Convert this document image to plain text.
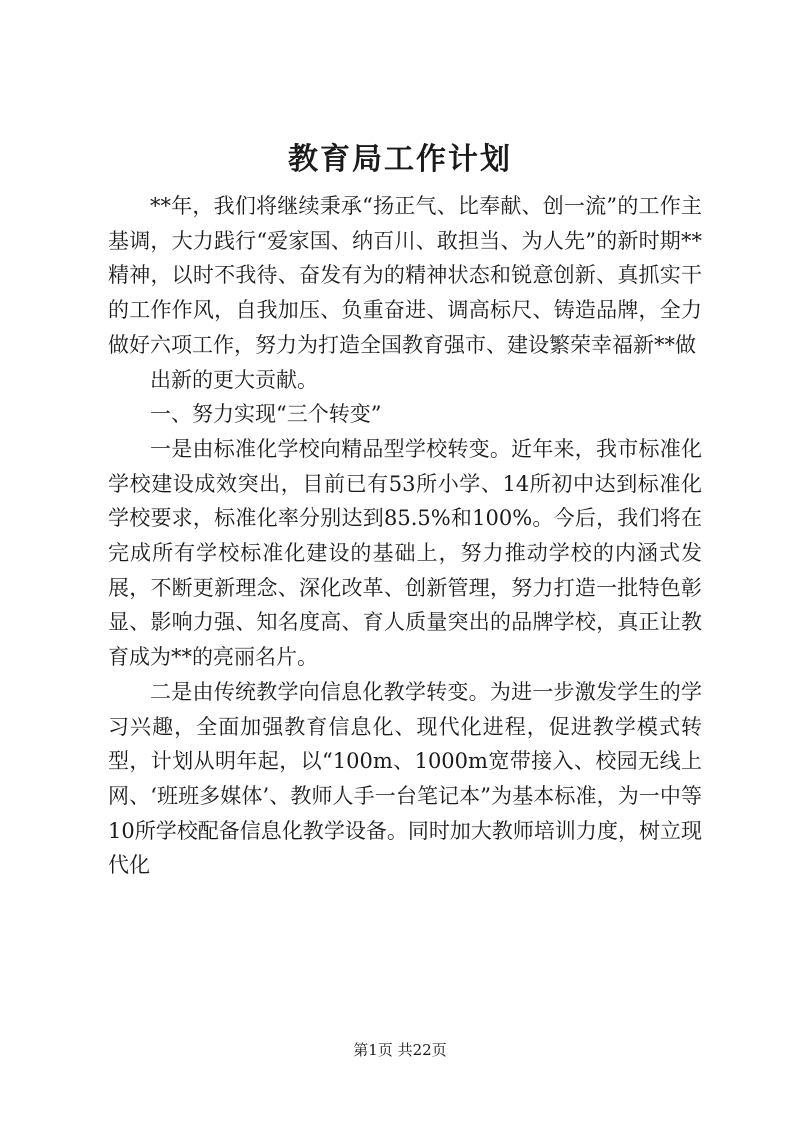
教育局工作计划

**年，我们将继续秉承“扬正气、比奉献、创一流”的工作主基调，大力践行“爱家国、纳百川、敢担当、为人先”的新时期**精神，以时不我待、奋发有为的精神状态和锐意创新、真抓实干的工作作风，自我加压、负重奋进、调高标尺、铸造品牌，全力做好六项工作，努力为打造全国教育强市、建设繁荣幸福新**做

出新的更大贡献。

一、努力实现“三个转变”

一是由标准化学校向精品型学校转变。近年来，我市标准化学校建设成效突出，目前已有53所小学、14所初中达到标准化学校要求，标准化率分别达到85.5%和100%。今后，我们将在完成所有学校标准化建设的基础上，努力推动学校的内涵式发展，不断更新理念、深化改革、创新管理，努力打造一批特色彰显、影响力强、知名度高、育人质量突出的品牌学校，真正让教育成为**的亮丽名片。

二是由传统教学向信息化教学转变。为进一步激发学生的学习兴趣，全面加强教育信息化、现代化进程，促进教学模式转型，计划从明年起，以“100m、1000m宽带接入、校园无线上网、‘班班多媒体’、教师人手一台笔记本”为基本标准，为一中等10所学校配备信息化教学设备。同时加大教师培训力度，树立现代化

第1页 共22页
